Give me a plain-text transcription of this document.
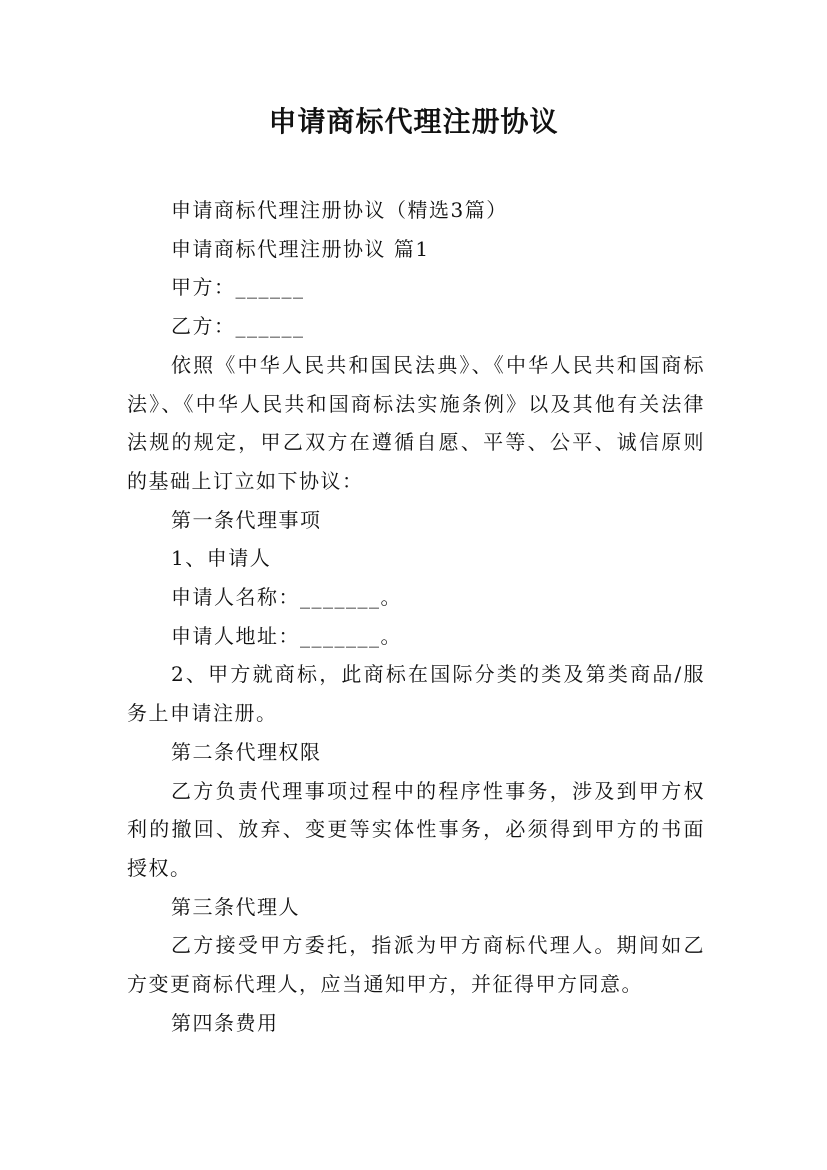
申请商标代理注册协议

申请商标代理注册协议（精选3篇）

申请商标代理注册协议 篇1

甲方：______

乙方：______

依照《中华人民共和国民法典》、《中华人民共和国商标法》、《中华人民共和国商标法实施条例》以及其他有关法律法规的规定，甲乙双方在遵循自愿、平等、公平、诚信原则的基础上订立如下协议：

第一条代理事项

1、申请人

申请人名称：_______。

申请人地址：_______。

2、甲方就商标，此商标在国际分类的类及第类商品/服务上申请注册。

第二条代理权限

乙方负责代理事项过程中的程序性事务，涉及到甲方权利的撤回、放弃、变更等实体性事务，必须得到甲方的书面授权。

第三条代理人

乙方接受甲方委托，指派为甲方商标代理人。期间如乙方变更商标代理人，应当通知甲方，并征得甲方同意。

第四条费用
